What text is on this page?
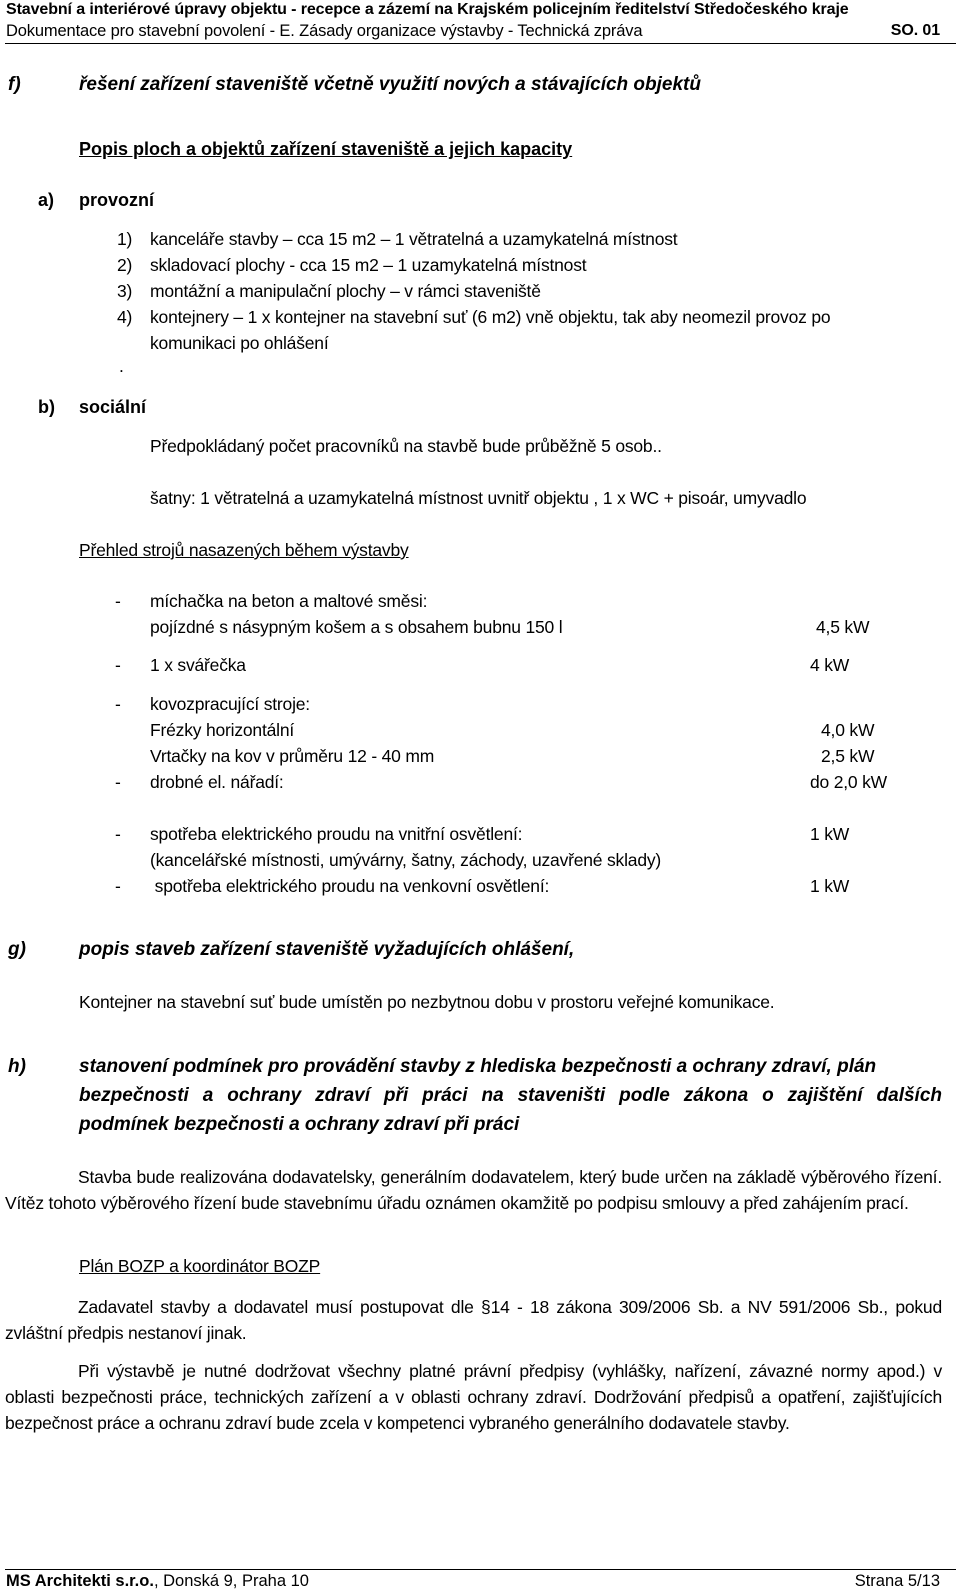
Stavební a interiérové úpravy objektu - recepce a zázemí na Krajském policejním ředitelství Středočeského kraje
Dokumentace pro stavební povolení - E. Zásady organizace výstavby - Technická zpráva	SO. 01
f)	řešení zařízení staveniště včetně využití nových a stávajících objektů
Popis ploch a objektů zařízení staveniště a jejich kapacity
a) provozní
1) kanceláře stavby – cca 15 m2 – 1 větratelná a uzamykatelná místnost
2) skladovací plochy - cca 15 m2 – 1 uzamykatelná místnost
3) montážní a manipulační plochy – v rámci staveniště
4) kontejnery – 1 x kontejner na stavební suť (6 m2) vně objektu, tak aby neomezil provoz po
komunikaci po ohlášení
.
b) sociální
Předpokládaný počet pracovníků na stavbě bude průběžně 5 osob..
šatny: 1 větratelná a uzamykatelná místnost uvnitř objektu , 1 x WC + pisoár, umyvadlo
Přehled strojů nasazených během výstavby
- míchačka na beton a maltové směsi:
pojízdné s násypným košem a s obsahem bubnu 150 l	4,5 kW
- 1 x svářečka	4 kW
- kovozpracující stroje:
Frézky horizontální	4,0 kW
Vrtačky na kov v průměru 12 - 40 mm	2,5 kW
- drobné el. nářadí:	do 2,0 kW
- spotřeba elektrického proudu na vnitřní osvětlení:	1 kW
(kancelářské místnosti, umývárny, šatny, záchody, uzavřené sklady)
- spotřeba elektrického proudu na venkovní osvětlení:	1 kW
g)	popis staveb zařízení staveniště vyžadujících ohlášení,
Kontejner na stavební suť bude umístěn po nezbytnou dobu v prostoru veřejné komunikace.
h)	stanovení podmínek pro provádění stavby z hlediska bezpečnosti a ochrany zdraví, plán
bezpečnosti a ochrany zdraví při práci na staveništi podle zákona o zajištění dalších
podmínek bezpečnosti a ochrany zdraví při práci
Stavba bude realizována dodavatelsky, generálním dodavatelem, který bude určen na základě výběrového řízení. Vítěz tohoto výběrového řízení bude stavebnímu úřadu oznámen okamžitě po podpisu smlouvy a před zahájením prací.
Plán BOZP a koordinátor BOZP
Zadavatel stavby a dodavatel musí postupovat dle §14 - 18 zákona 309/2006 Sb. a NV 591/2006 Sb., pokud zvláštní předpis nestanoví jinak.
Při výstavbě je nutné dodržovat všechny platné právní předpisy (vyhlášky, nařízení, závazné normy apod.) v oblasti bezpečnosti práce, technických zařízení a v oblasti ochrany zdraví. Dodržování předpisů a opatření, zajišťujících bezpečnost práce a ochranu zdraví bude zcela v kompetenci vybraného generálního dodavatele stavby.
MS Architekti s.r.o., Donská 9, Praha 10	Strana 5/13
